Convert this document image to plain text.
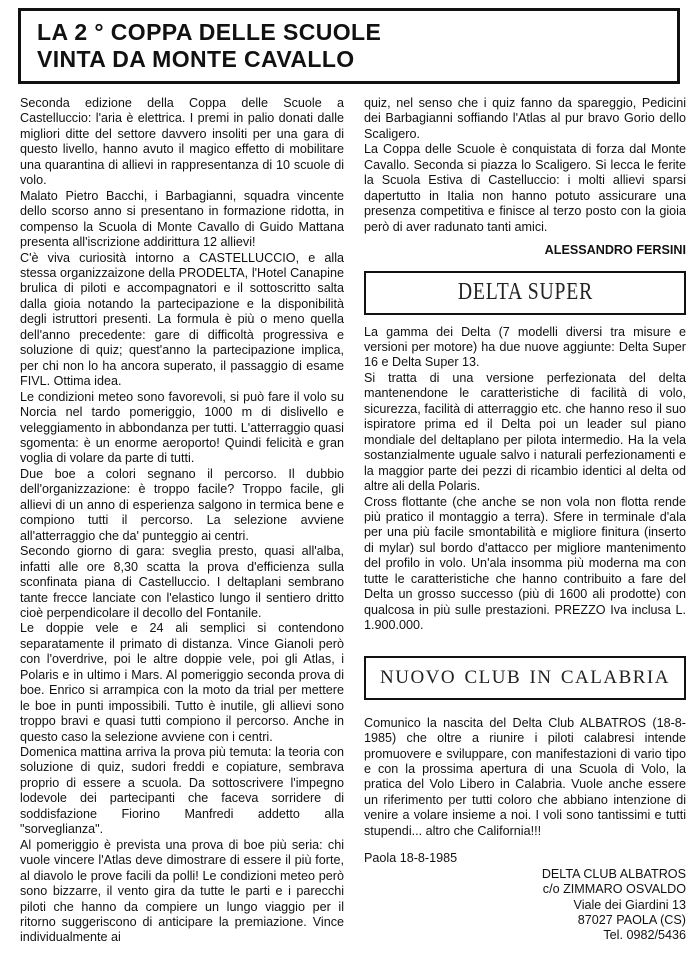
LA 2 ° COPPA DELLE SCUOLE

VINTA DA MONTE CAVALLO

Seconda edizione della Coppa delle Scuole a Castelluccio: l'aria è elettrica. I premi in palio donati dalle migliori ditte del settore davvero insoliti per una gara di questo livello, hanno avuto il magico effetto di mobilitare una quarantina di allievi in rappresentanza di 10 scuole di volo.

Malato Pietro Bacchi, i Barbagianni, squadra vincente dello scorso anno si presentano in formazione ridotta, in compenso la Scuola di Monte Cavallo di Guido Mattana presenta all'iscrizione addirittura 12 allievi!

C'è viva curiosità intorno a CASTELLUCCIO, e alla stessa organizzaizone della PRODELTA, l'Hotel Canapine brulica di piloti e accompagnatori e il sottoscritto salta dalla gioia notando la partecipazione e la disponibilità degli istruttori presenti. La formula è più o meno quella dell'anno precedente: gare di difficoltà progressiva e soluzione di quiz; quest'anno la partecipazione implica, per chi non lo ha ancora superato, il passaggio di esame FIVL. Ottima idea.

Le condizioni meteo sono favorevoli, si può fare il volo su Norcia nel tardo pomeriggio, 1000 m di dislivello e veleggiamento in abbondanza per tutti. L'atterraggio quasi sgomenta: è un enorme aeroporto! Quindi felicità e gran voglia di volare da parte di tutti.

Due boe a colori segnano il percorso. Il dubbio dell'organizzazione: è troppo facile? Troppo facile, gli allievi di un anno di esperienza salgono in termica bene e compiono tutti il percorso. La selezione avviene all'atterraggio che da' punteggio ai centri.

Secondo giorno di gara: sveglia presto, quasi all'alba, infatti alle ore 8,30 scatta la prova d'efficienza sulla sconfinata piana di Castelluccio. I deltaplani sembrano tante frecce lanciate con l'elastico lungo il sentiero dritto cioè perpendicolare il decollo del Fontanile.

Le doppie vele e 24 ali semplici si contendono separatamente il primato di distanza. Vince Gianoli però con l'overdrive, poi le altre doppie vele, poi gli Atlas, i Polaris e in ultimo i Mars. Al pomeriggio seconda prova di boe. Enrico si arrampica con la moto da trial per mettere le boe in punti impossibili. Tutto è inutile, gli allievi sono troppo bravi e quasi tutti compiono il percorso. Anche in questo caso la selezione avviene con i centri.

Domenica mattina arriva la prova più temuta: la teoria con soluzione di quiz, sudori freddi e copiature, sembrava proprio di essere a scuola. Da sottoscrivere l'impegno lodevole dei partecipanti che faceva sorridere di soddisfazione Fiorino Manfredi addetto alla "sorveglianza".

Al pomeriggio è prevista una prova di boe più seria: chi vuole vincere l'Atlas deve dimostrare di essere il più forte, al diavolo le prove facili da polli! Le condizioni meteo però sono bizzarre, il vento gira da tutte le parti e i parecchi piloti che hanno da compiere un lungo viaggio per il ritorno suggeriscono di anticipare la premiazione. Vince individualmente ai

quiz, nel senso che i quiz fanno da spareggio, Pedicini dei Barbagianni soffiando l'Atlas al pur bravo Gorio dello Scaligero.

La Coppa delle Scuole è conquistata di forza dal Monte Cavallo. Seconda si piazza lo Scaligero. Si lecca le ferite la Scuola Estiva di Castelluccio: i molti allievi sparsi dapertutto in Italia non hanno potuto assicurare una presenza competitiva e finisce al terzo posto con la gioia però di aver radunato tanti amici.

ALESSANDRO FERSINI

DELTA SUPER

La gamma dei Delta (7 modelli diversi tra misure e versioni per motore) ha due nuove aggiunte: Delta Super 16 e Delta Super 13.

Si tratta di una versione perfezionata del delta mantenendone le caratteristiche di facilità di volo, sicurezza, facilità di atterraggio etc. che hanno reso il suo ispiratore prima ed il Delta poi un leader sul piano mondiale del deltaplano per pilota intermedio. Ha la vela sostanzialmente uguale salvo i naturali perfezionamenti e la maggior parte dei pezzi di ricambio identici al delta od altre ali della Polaris.

Cross flottante (che anche se non vola non flotta rende più pratico il montaggio a terra). Sfere in terminale d'ala per una più facile smontabilità e migliore finitura (inserto di mylar) sul bordo d'attacco per migliore mantenimento del profilo in volo. Un'ala insomma più moderna ma con tutte le caratteristiche che hanno contribuito a fare del Delta un grosso successo (più di 1600 ali prodotte) con qualcosa in più sulle prestazioni. PREZZO Iva inclusa L. 1.900.000.

NUOVO CLUB IN CALABRIA

Comunico la nascita del Delta Club ALBATROS (18-8-1985) che oltre a riunire i piloti calabresi intende promuovere e sviluppare, con manifestazioni di vario tipo e con la prossima apertura di una Scuola di Volo, la pratica del Volo Libero in Calabria. Vuole anche essere un riferimento per tutti coloro che abbiano intenzione di venire a volare insieme a noi. I voli sono tantissimi e tutti stupendi... altro che California!!!

Paola 18-8-1985

DELTA CLUB ALBATROS

c/o ZIMMARO OSVALDO

Viale dei Giardini 13

87027 PAOLA (CS)

Tel. 0982/5436
